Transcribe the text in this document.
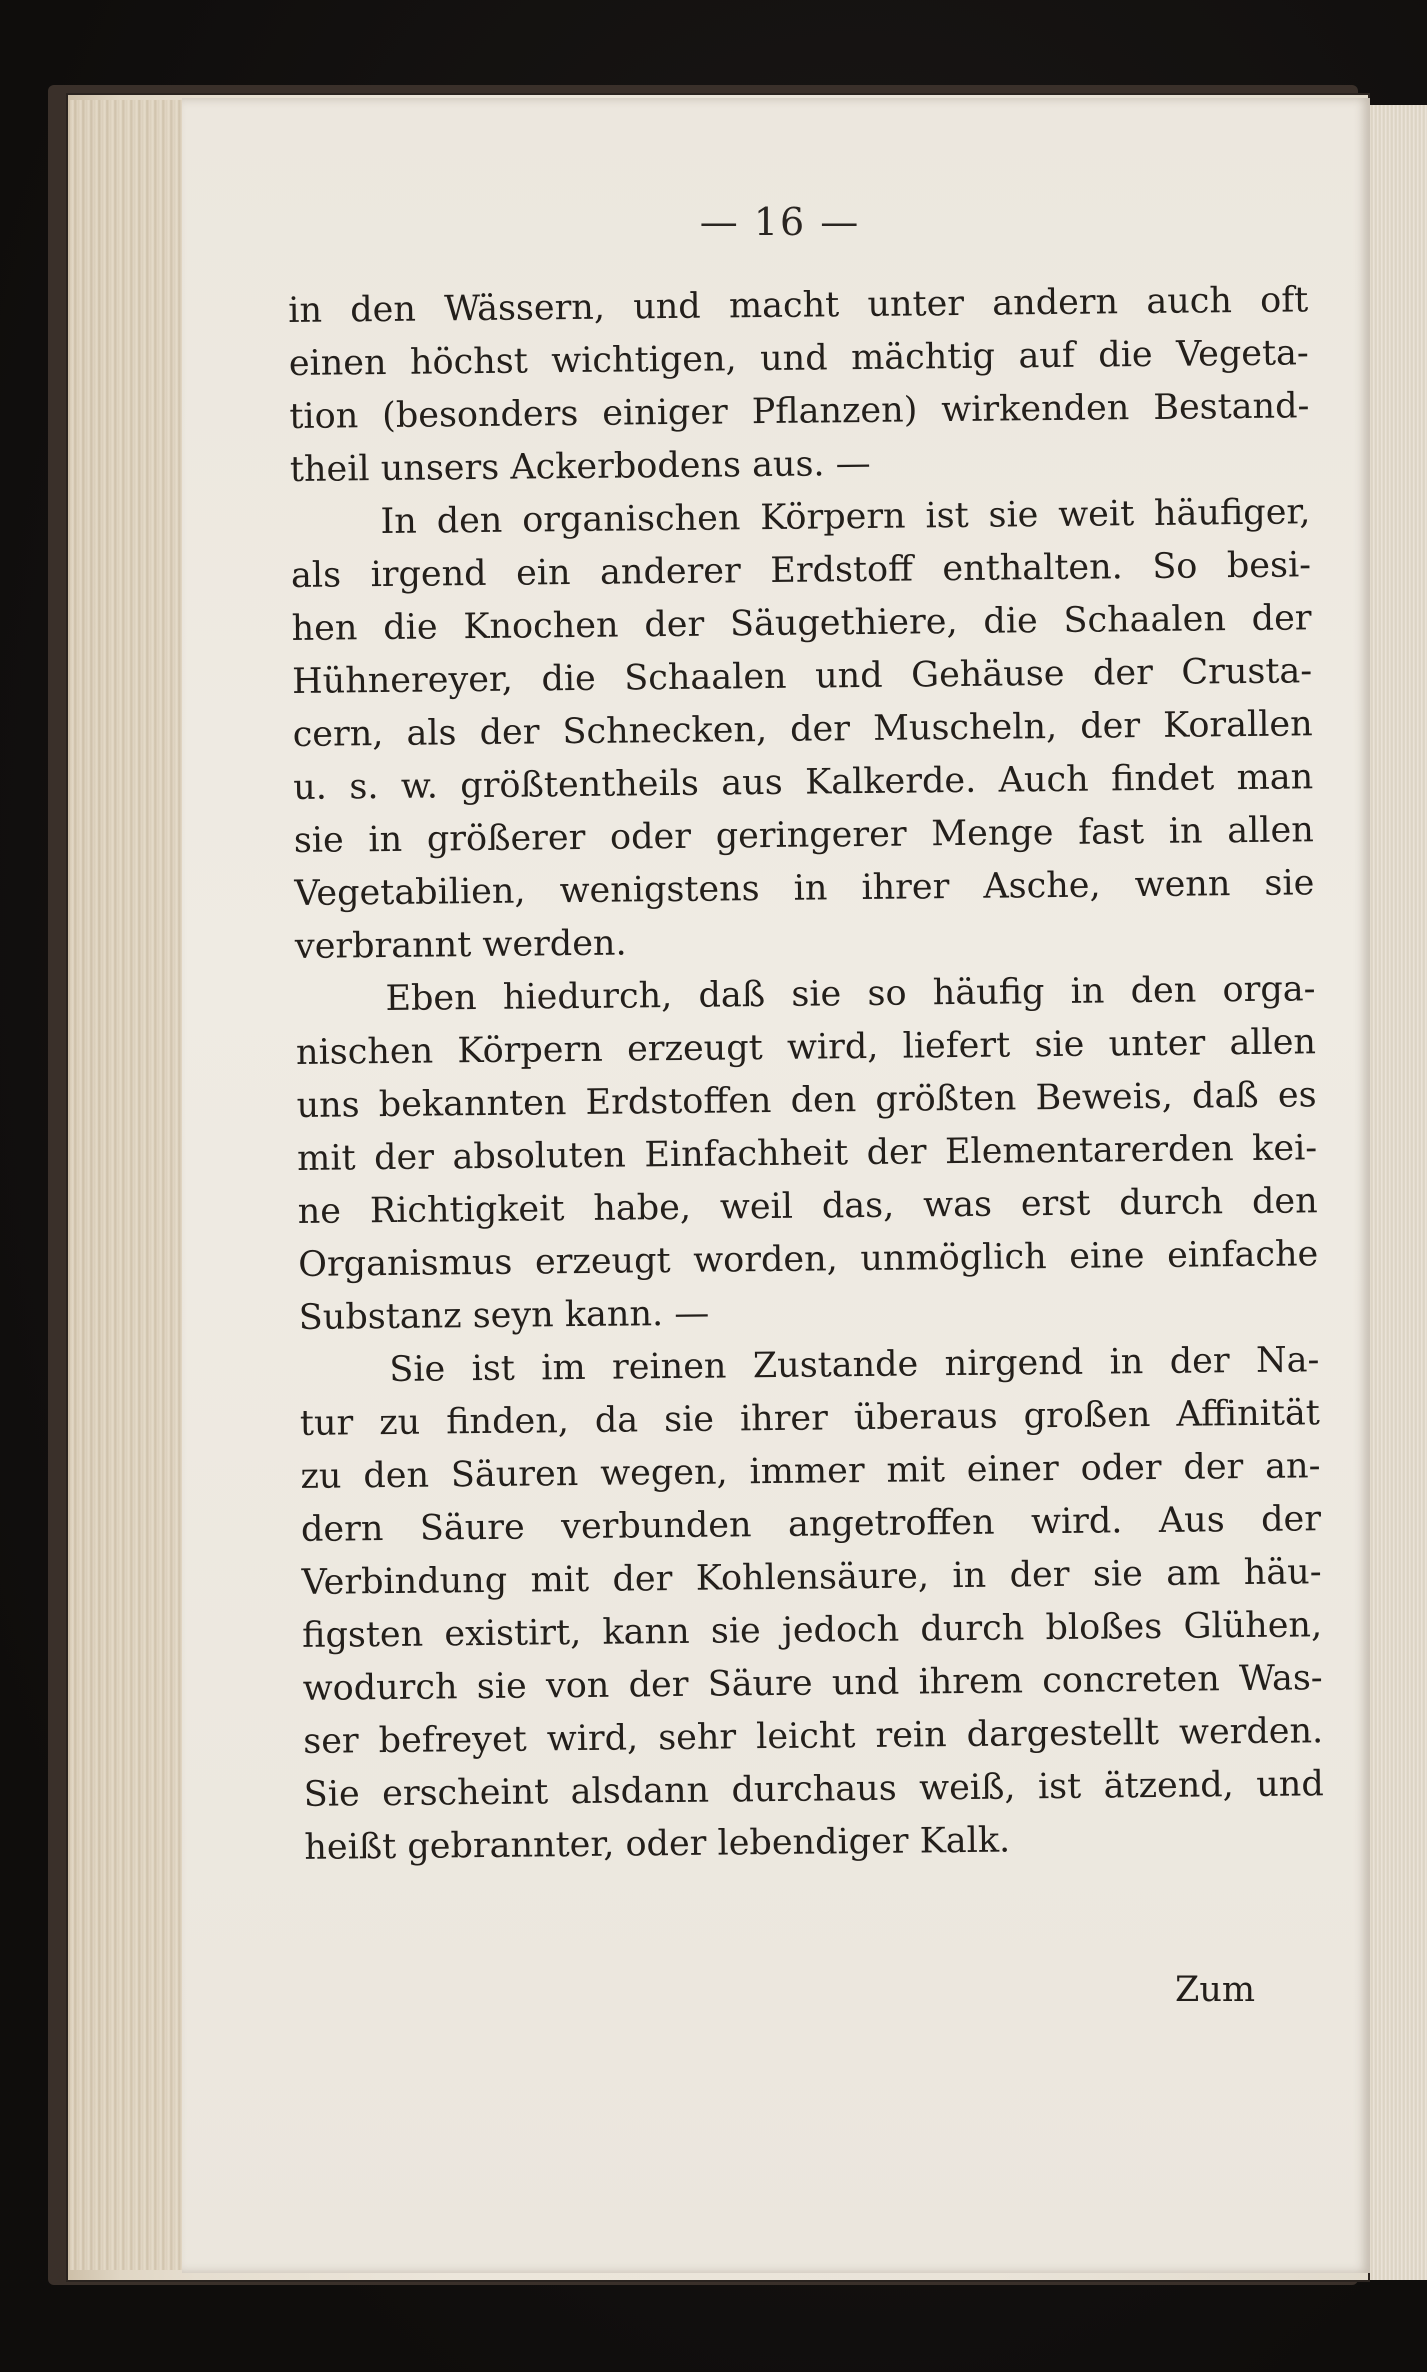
— 16 —
in den Wässern, und macht unter andern auch oft
einen höchst wichtigen, und mächtig auf die Vegeta-
tion (besonders einiger Pflanzen) wirkenden Bestand-
theil unsers Ackerbodens aus. —
In den organischen Körpern ist sie weit häufiger,
als irgend ein anderer Erdstoff enthalten. So besi-
hen die Knochen der Säugethiere, die Schaalen der
Hühnereyer, die Schaalen und Gehäuse der Crusta-
cern, als der Schnecken, der Muscheln, der Korallen
u. s. w. größtentheils aus Kalkerde. Auch findet man
sie in größerer oder geringerer Menge fast in allen
Vegetabilien, wenigstens in ihrer Asche, wenn sie
verbrannt werden.
Eben hiedurch, daß sie so häufig in den orga-
nischen Körpern erzeugt wird, liefert sie unter allen
uns bekannten Erdstoffen den größten Beweis, daß es
mit der absoluten Einfachheit der Elementarerden kei-
ne Richtigkeit habe, weil das, was erst durch den
Organismus erzeugt worden, unmöglich eine einfache
Substanz seyn kann. —
Sie ist im reinen Zustande nirgend in der Na-
tur zu finden, da sie ihrer überaus großen Affinität
zu den Säuren wegen, immer mit einer oder der an-
dern Säure verbunden angetroffen wird. Aus der
Verbindung mit der Kohlensäure, in der sie am häu-
figsten existirt, kann sie jedoch durch bloßes Glühen,
wodurch sie von der Säure und ihrem concreten Was-
ser befreyet wird, sehr leicht rein dargestellt werden.
Sie erscheint alsdann durchaus weiß, ist ätzend, und
heißt gebrannter, oder lebendiger Kalk.
Zum
